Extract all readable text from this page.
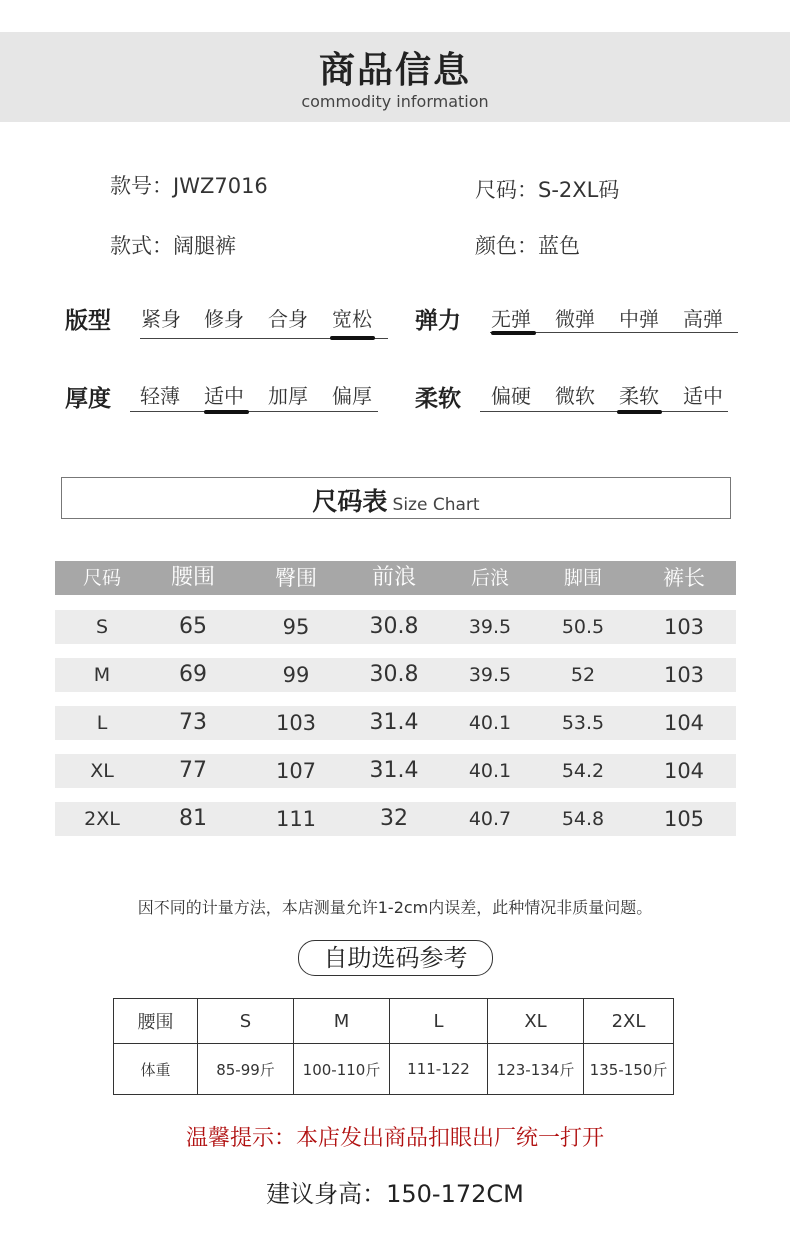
商品信息
commodity information
款号：JWZ7016	尺码：S-2XL码
款式：阔腿裤	颜色：蓝色
版型	紧身	修身	合身	宽松	弹力	无弹	微弹	中弹	高弹
厚度	轻薄	适中	加厚	偏厚	柔软	偏硬	微软	柔软	适中
尺码表 Size Chart
尺码	腰围	臀围	前浪	后浪	脚围	裤长
S	65	95	30.8	39.5	50.5	103
M	69	99	30.8	39.5	52	103
L	73	103	31.4	40.1	53.5	104
XL	77	107	31.4	40.1	54.2	104
2XL	81	111	32	40.7	54.8	105
因不同的计量方法，本店测量允许1-2cm内误差，此种情况非质量问题。
自助选码参考
腰围	S	M	L	XL	2XL
体重	85-99斤	100-110斤	111-122	123-134斤	135-150斤
温馨提示：本店发出商品扣眼出厂统一打开
建议身高：150-172CM
